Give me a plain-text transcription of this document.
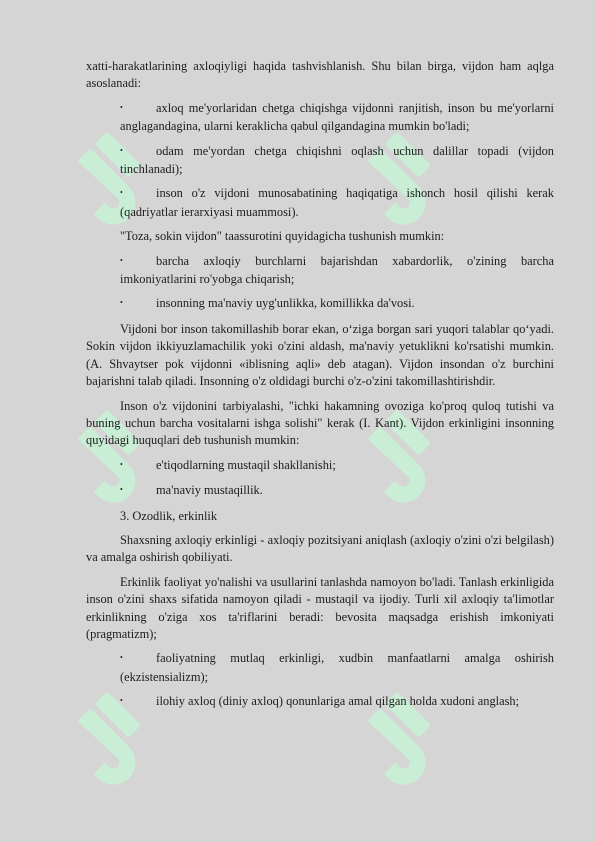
xatti-harakatlarining axloqiyligi haqida tashvishlanish. Shu bilan birga, vijdon ham aqlga asoslanadi:

•axloq me'yorlaridan chetga chiqishga vijdonni ranjitish, inson bu me'yorlarni anglagandagina, ularni keraklicha qabul qilgandagina mumkin bo'ladi;

•odam me'yordan chetga chiqishni oqlash uchun dalillar topadi (vijdon tinchlanadi);

•inson o'z vijdoni munosabatining haqiqatiga ishonch hosil qilishi kerak (qadriyatlar ierarxiyasi muammosi).

"Toza, sokin vijdon" taassurotini quyidagicha tushunish mumkin:

•barcha axloqiy burchlarni bajarishdan xabardorlik, o'zining barcha imkoniyatlarini ro'yobga chiqarish;

•insonning ma'naviy uyg'unlikka, komillikka da'vosi.

Vijdoni bor inson takomillashib borar ekan, o‘ziga borgan sari yuqori talablar qo‘yadi. Sokin vijdon ikkiyuzlamachilik yoki o'zini aldash, ma'naviy yetuklikni ko'rsatishi mumkin. (A. Shvaytser pok vijdonni «iblisning aqli» deb atagan). Vijdon insondan o'z burchini bajarishni talab qiladi. Insonning o'z oldidagi burchi o'z-o'zini takomillashtirishdir.

Inson o'z vijdonini tarbiyalashi, "ichki hakamning ovoziga ko'proq quloq tutishi va buning uchun barcha vositalarni ishga solishi" kerak (I. Kant). Vijdon erkinligini insonning quyidagi huquqlari deb tushunish mumkin:

•e'tiqodlarning mustaqil shakllanishi;

•ma'naviy mustaqillik.

3. Ozodlik, erkinlik

Shaxsning axloqiy erkinligi - axloqiy pozitsiyani aniqlash (axloqiy o'zini o'zi belgilash) va amalga oshirish qobiliyati.

Erkinlik faoliyat yo'nalishi va usullarini tanlashda namoyon bo'ladi. Tanlash erkinligida inson o'zini shaxs sifatida namoyon qiladi - mustaqil va ijodiy. Turli xil axloqiy ta'limotlar erkinlikning o'ziga xos ta'riflarini beradi: bevosita maqsadga erishish imkoniyati (pragmatizm);

•faoliyatning mutlaq erkinligi, xudbin manfaatlarni amalga oshirish (ekzistensializm);

•ilohiy axloq (diniy axloq) qonunlariga amal qilgan holda xudoni anglash;
